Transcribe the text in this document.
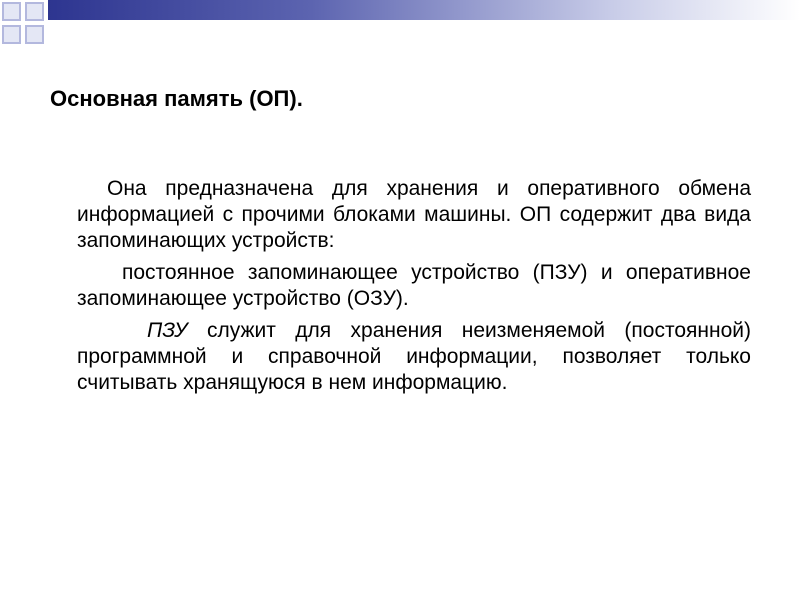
Основная память (ОП).

Она предназначена для хранения и оперативного обмена информацией с прочими блоками машины. ОП содержит два вида запоминающих устройств:

постоянное запоминающее устройство (ПЗУ) и оперативное запоминающее устройство (ОЗУ).

ПЗУ служит для хранения неизменяемой (постоянной) программной и справочной информации, позволяет только считывать хранящуюся в нем информацию.
